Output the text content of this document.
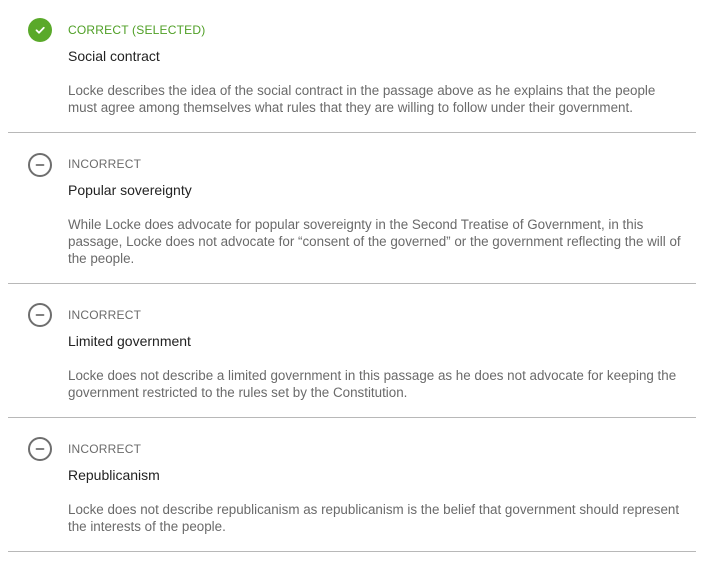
CORRECT (SELECTED)
Social contract
Locke describes the idea of the social contract in the passage above as he explains that the people must agree among themselves what rules that they are willing to follow under their government.
INCORRECT
Popular sovereignty
While Locke does advocate for popular sovereignty in the Second Treatise of Government, in this passage, Locke does not advocate for “consent of the governed” or the government reflecting the will of the people.
INCORRECT
Limited government
Locke does not describe a limited government in this passage as he does not advocate for keeping the government restricted to the rules set by the Constitution.
INCORRECT
Republicanism
Locke does not describe republicanism as republicanism is the belief that government should represent the interests of the people.
